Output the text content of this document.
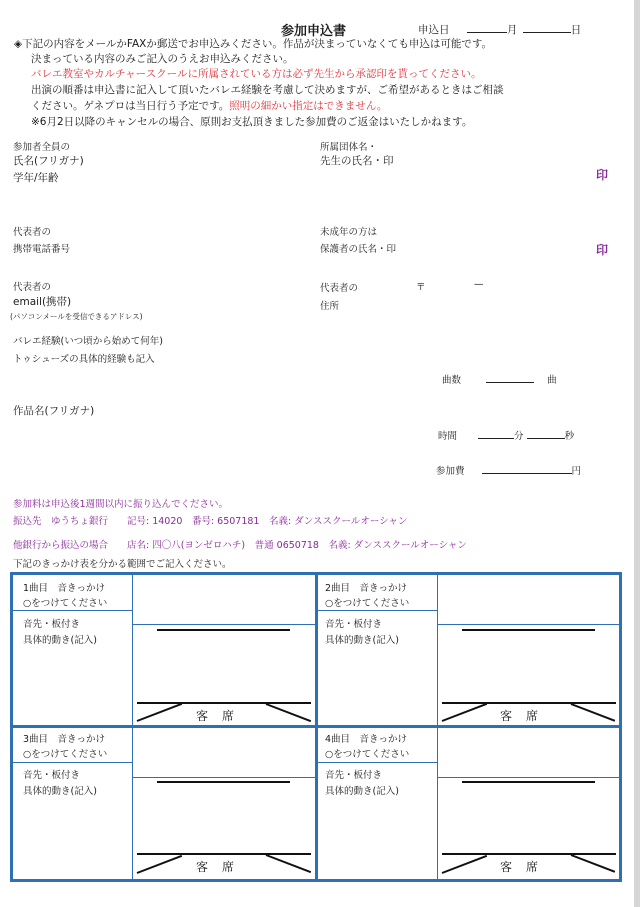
参加申込書	申込日	月	日
◈下記の内容をメールかFAXか郵送でお申込みください。作品が決まっていなくても申込は可能です。
決まっている内容のみご記入のうえお申込みください。
バレエ教室やカルチャースクールに所属されている方は必ず先生から承認印を貰ってください。
出演の順番は申込書に記入して頂いたバレエ経験を考慮して決めますが、ご希望があるときはご相談
ください。ゲネプロは当日行う予定です。照明の細かい指定はできません。
※6月2日以降のキャンセルの場合、原則お支払頂きました参加費のご返金はいたしかねます。
参加者全員の
氏名(フリガナ)
学年/年齢
所属団体名・
先生の氏名・印
印
代表者の
携帯電話番号
未成年の方は
保護者の氏名・印	印
代表者の
email(携帯)
(パソコンメールを受信できるアドレス)
代表者の
住所
〒	—
バレエ経験(いつ頃から始めて何年)
トゥシューズの具体的経験も記入
曲数	曲
作品名(フリガナ)
時間	分	秒
参加費	円
参加料は申込後1週間以内に振り込んでください。
振込先　ゆうちょ銀行　　記号: 14020　番号: 6507181　名義: ダンススクールオーシャン
他銀行から振込の場合　　店名: 四〇八(ヨンゼロハチ)　普通 0650718　名義: ダンススクールオーシャン
下記のきっかけ表を分かる範囲でご記入ください。
1曲目　音きっかけ
○をつけてください
音先・板付き
具体的動き(記入)
客席
2曲目　音きっかけ
○をつけてください
音先・板付き
具体的動き(記入)
客席
3曲目　音きっかけ
○をつけてください
音先・板付き
具体的動き(記入)
客席
4曲目　音きっかけ
○をつけてください
音先・板付き
具体的動き(記入)
客席
